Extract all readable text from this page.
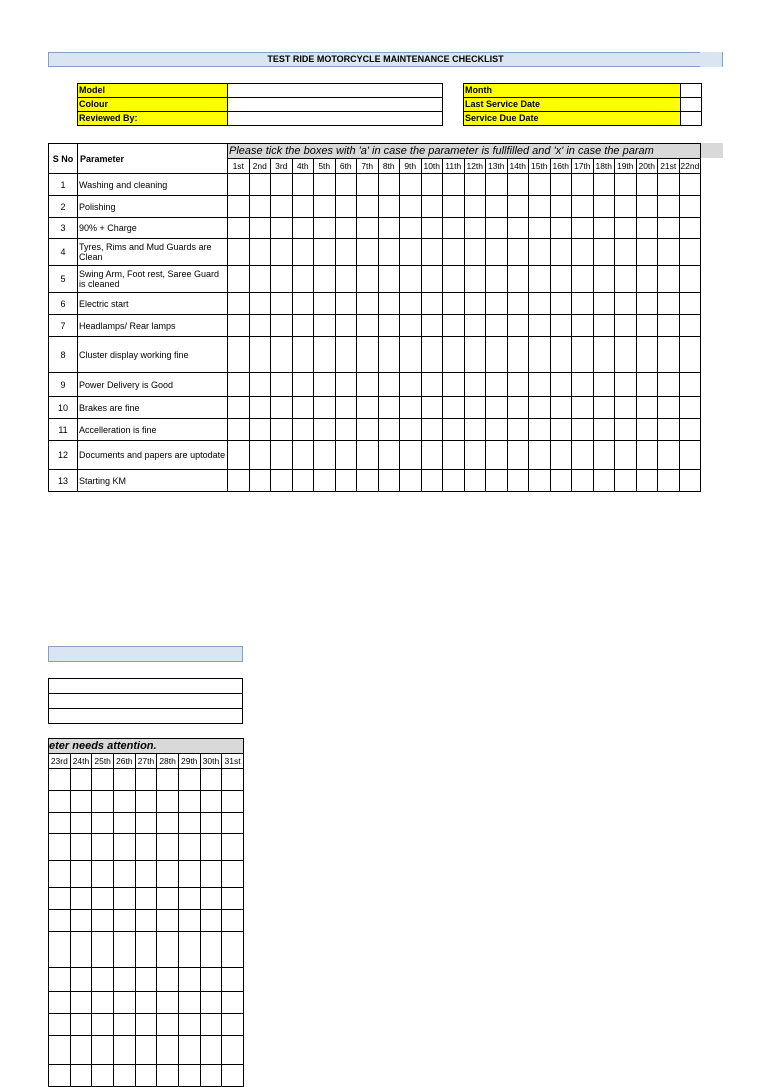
TEST RIDE MOTORCYCLE MAINTENANCE CHECKLIST
Model	
Colour	
Reviewed By:	
Month	
Last Service Date	
Service Due Date	
S No	Parameter	Please tick the boxes with 'a' in case the parameter is fullfilled and 'x' in case the param																					
		1st	2nd	3rd	4th	5th	6th	7th	8th	9th	10th	11th	12th	13th	14th	15th	16th	17th	18th	19th	20th	21st	22nd
1	Washing and cleaning																						
2	Polishing																						
3	90% + Charge																						
4	Tyres, Rims and Mud Guards are Clean																						
5	Swing Arm, Foot rest, Saree Guard is cleaned																						
6	Electric start																						
7	Headlamps/ Rear lamps																						
8	Cluster display working fine																						
9	Power Delivery is Good																						
10	Brakes are fine																						
11	Accelleration is fine																						
12	Documents and papers are uptodate																						
13	Starting KM																						

eter needs attention.								
23rd	24th	25th	26th	27th	28th	29th	30th	31st
